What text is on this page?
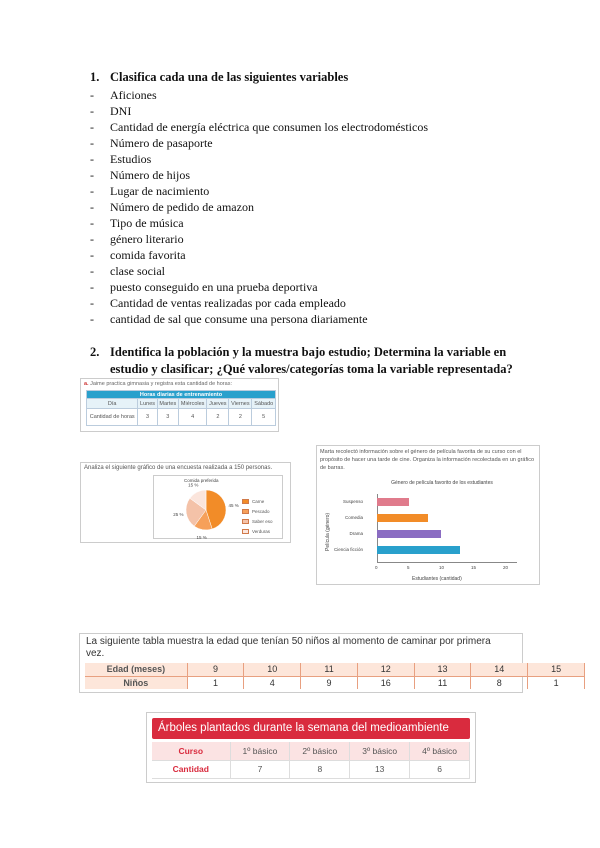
1. Clasifica cada una de las siguientes variables
- Aficiones
- DNI
- Cantidad de energía eléctrica que consumen los electrodomésticos
- Número de pasaporte
- Estudios
- Número de hijos
- Lugar de nacimiento
- Número de pedido de amazon
- Tipo de música
- género literario
- comida favorita
- clase social
- puesto conseguido en una prueba deportiva
- Cantidad de ventas realizadas por cada empleado
- cantidad de sal que consume una persona diariamente
2. Identifica la población y la muestra bajo estudio; Determina la variable en
estudio y clasificar; ¿Qué valores/categorías toma la variable representada?
a. Jaime practica gimnasia y registra esta cantidad de horas:
Horas diarias de entrenamiento						
Día	Lunes	Martes	Miércoles	Jueves	Viernes	Sábado
Cantidad de horas	3	3	4	2	2	5
Analiza el siguiente gráfico de una encuesta realizada a 150 personas.
Comida preferida
45 %
15 %
25 %
15 %
Carne
Pescado
Saber eso
Verduras
Marta recolectó información sobre el género de película favorita de su curso con el propósito de hacer una tarde de cine. Organiza la información recolectada en un gráfico de barras.
Género de película favorito de los estudiantes
Película (género)
Suspenso
Comedia
Drama
Ciencia ficción
0	5	10	15	20
Estudiantes (cantidad)
La siguiente tabla muestra la edad que tenían 50 niños al momento de caminar por primera vez.
Edad (meses)	9	10	11	12	13	14	15
Niños	1	4	9	16	11	8	1
Árboles plantados durante la semana del medioambiente
Curso	1º básico	2º básico	3º básico	4º básico
Cantidad	7	8	13	6
